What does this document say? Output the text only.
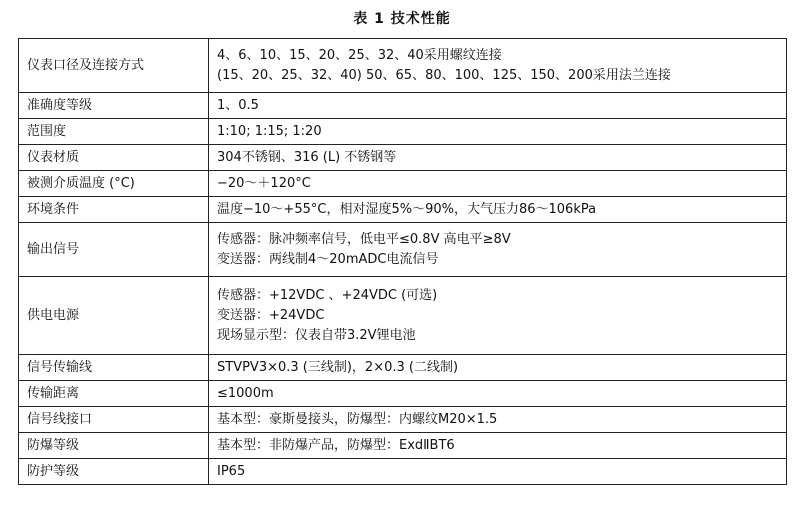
表 1 技术性能
仪表口径及连接方式	4、6、10、15、20、25、32、40采用螺纹连接
(15、20、25、32、40) 50、65、80、100、125、150、200采用法兰连接

准确度等级	1、0.5

范围度	1:10; 1:15; 1:20

仪表材质	304不锈钢、316 (L) 不锈钢等

被测介质温度 (°C)	−20～＋120°C

环境条件	温度−10～+55°C，相对湿度5%～90%，大气压力86～106kPa

输出信号	传感器：脉冲频率信号，低电平≤0.8V 高电平≥8V
变送器：两线制4～20mADC电流信号

供电电源	传感器：+12VDC 、+24VDC (可选)
变送器：+24VDC
现场显示型：仪表自带3.2V锂电池

信号传输线	STVPV3×0.3 (三线制)，2×0.3 (二线制)

传输距离	≤1000m

信号线接口	基本型：豪斯曼接头，防爆型：内螺纹M20×1.5

防爆等级	基本型：非防爆产品，防爆型：ExdⅡBT6

防护等级	IP65
